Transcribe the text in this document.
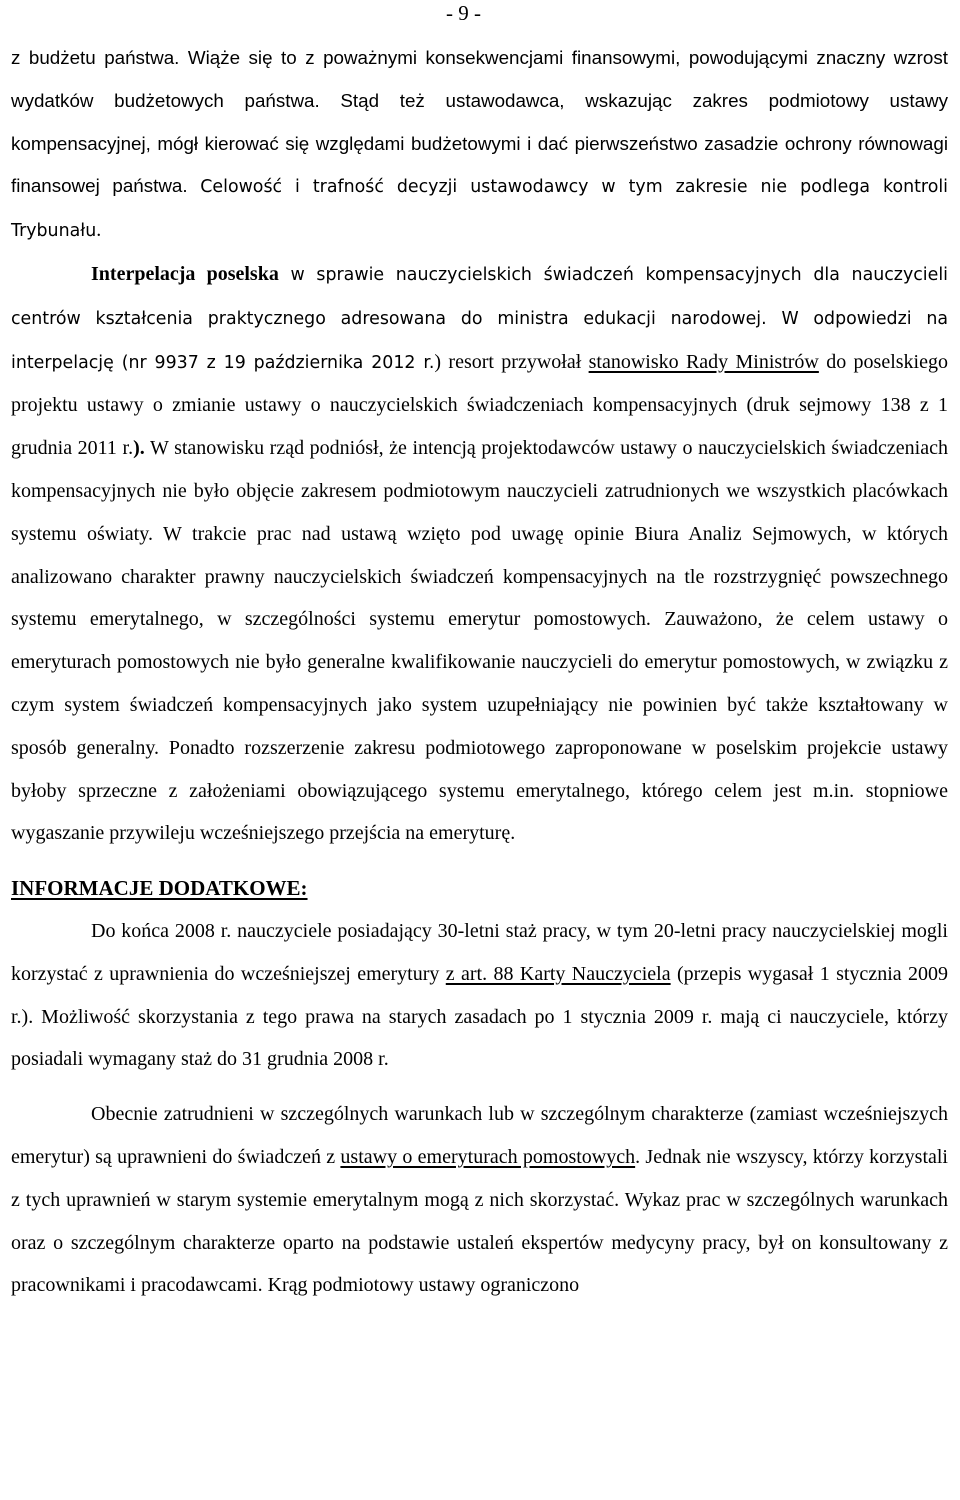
- 9 -

z budżetu państwa. Wiąże się to z poważnymi konsekwencjami finansowymi, powodującymi znaczny wzrost wydatków budżetowych państwa. Stąd też ustawodawca, wskazując zakres podmiotowy ustawy kompensacyjnej, mógł kierować się względami budżetowymi i dać pierwszeństwo zasadzie ochrony równowagi finansowej państwa. Celowość i trafność decyzji ustawodawcy w tym zakresie nie podlega kontroli Trybunału.

Interpelacja poselska w sprawie nauczycielskich świadczeń kompensacyjnych dla nauczycieli centrów kształcenia praktycznego adresowana do ministra edukacji narodowej. W odpowiedzi na interpelację (nr 9937 z 19 października 2012 r.) resort przywołał stanowisko Rady Ministrów do poselskiego projektu ustawy o zmianie ustawy o nauczycielskich świadczeniach kompensacyjnych (druk sejmowy 138 z 1 grudnia 2011 r.). W stanowisku rząd podniósł, że intencją projektodawców ustawy o nauczycielskich świadczeniach kompensacyjnych nie było objęcie zakresem podmiotowym nauczycieli zatrudnionych we wszystkich placówkach systemu oświaty. W trakcie prac nad ustawą wzięto pod uwagę opinie Biura Analiz Sejmowych, w których analizowano charakter prawny nauczycielskich świadczeń kompensacyjnych na tle rozstrzygnięć powszechnego systemu emerytalnego, w szczególności systemu emerytur pomostowych. Zauważono, że celem ustawy o emeryturach pomostowych nie było generalne kwalifikowanie nauczycieli do emerytur pomostowych, w związku z czym system świadczeń kompensacyjnych jako system uzupełniający nie powinien być także kształtowany w sposób generalny. Ponadto rozszerzenie zakresu podmiotowego zaproponowane w poselskim projekcie ustawy byłoby sprzeczne z założeniami obowiązującego systemu emerytalnego, którego celem jest m.in. stopniowe wygaszanie przywileju wcześniejszego przejścia na emeryturę.

INFORMACJE DODATKOWE:

Do końca 2008 r. nauczyciele posiadający 30-letni staż pracy, w tym 20-letni pracy nauczycielskiej mogli korzystać z uprawnienia do wcześniejszej emerytury z art. 88 Karty Nauczyciela (przepis wygasał 1 stycznia 2009 r.). Możliwość skorzystania z tego prawa na starych zasadach po 1 stycznia 2009 r. mają ci nauczyciele, którzy posiadali wymagany staż do 31 grudnia 2008 r.

Obecnie zatrudnieni w szczególnych warunkach lub w szczególnym charakterze (zamiast wcześniejszych emerytur) są uprawnieni do świadczeń z ustawy o emeryturach pomostowych. Jednak nie wszyscy, którzy korzystali z tych uprawnień w starym systemie emerytalnym mogą z nich skorzystać. Wykaz prac w szczególnych warunkach oraz o szczególnym charakterze oparto na podstawie ustaleń ekspertów medycyny pracy, był on konsultowany z pracownikami i pracodawcami. Krąg podmiotowy ustawy ograniczono
